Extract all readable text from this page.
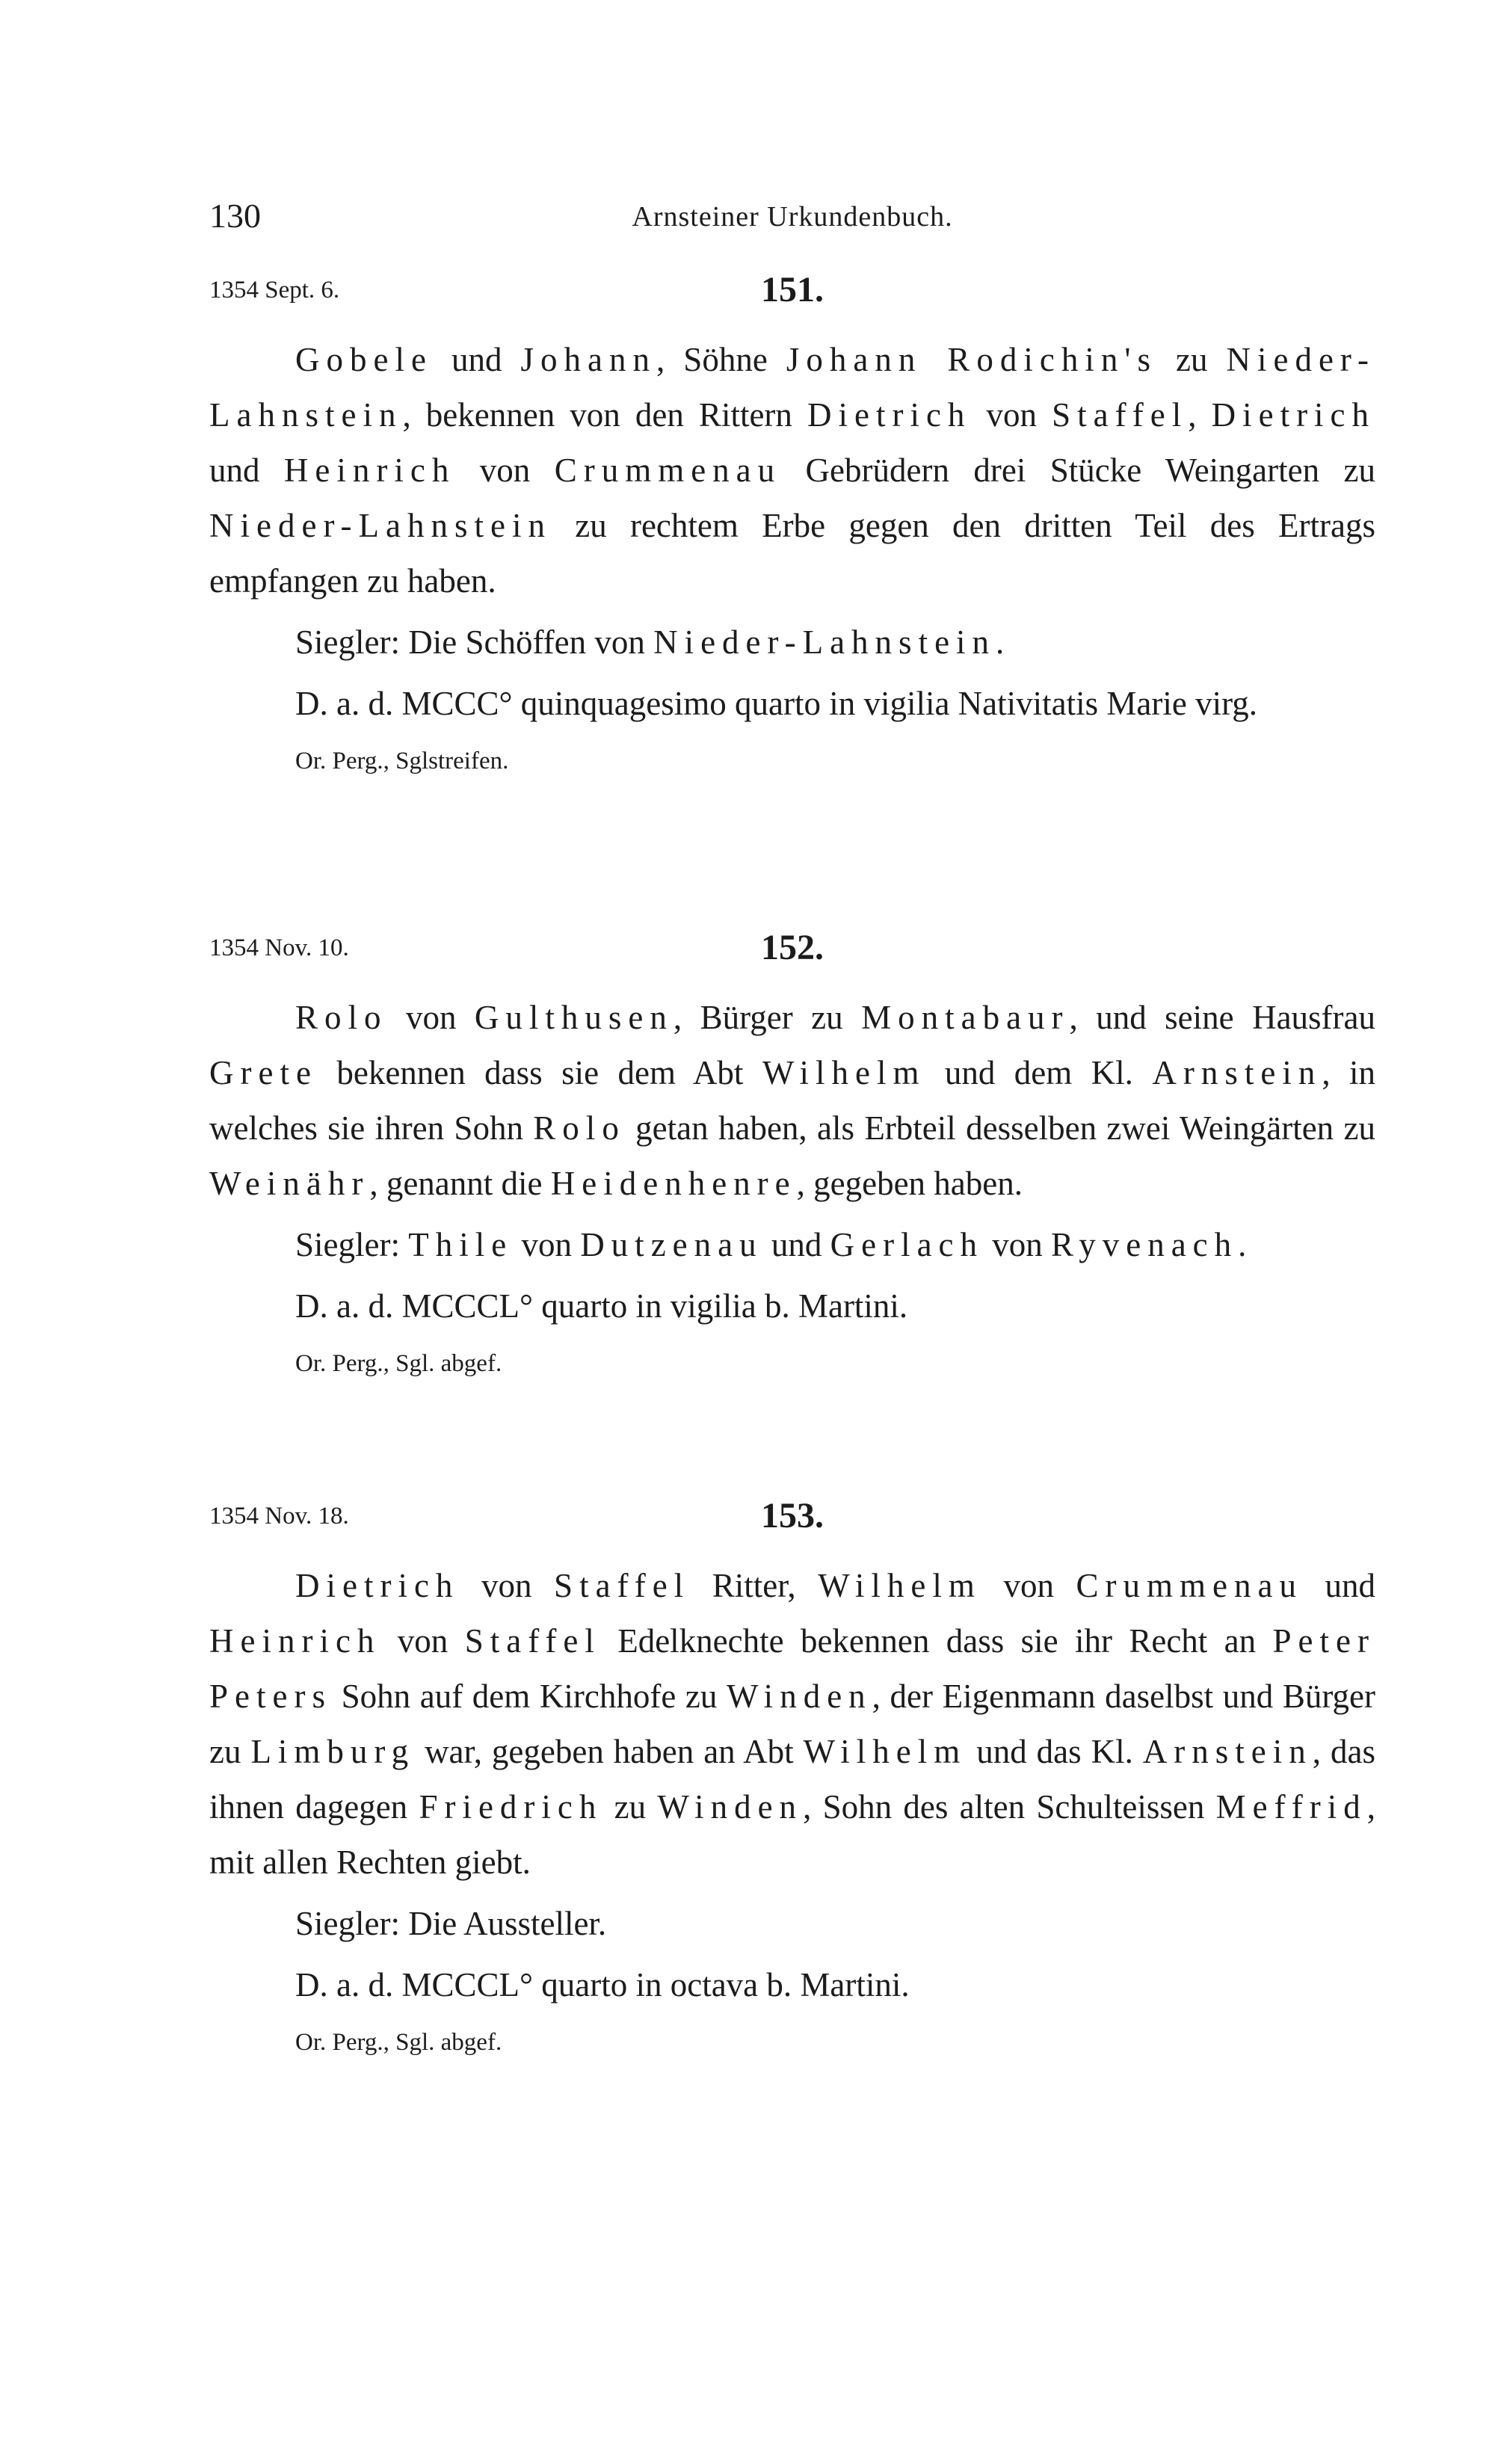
130	Arnsteiner Urkundenbuch.
1354 Sept. 6.	151.

Gobele und Johann, Söhne Johann Rodichin's zu Nieder-Lahnstein, bekennen von den Rittern Dietrich von Staffel, Dietrich und Heinrich von Crummenau Gebrüdern drei Stücke Weingarten zu Nieder-Lahnstein zu rechtem Erbe gegen den dritten Teil des Ertrags empfangen zu haben.

Siegler: Die Schöffen von Nieder-Lahnstein.

D. a. d. MCCC° quinquagesimo quarto in vigilia Nativitatis Marie virg.

Or. Perg., Sglstreifen.

1354 Nov. 10.	152.

Rolo von Gulthusen, Bürger zu Montabaur, und seine Hausfrau Grete bekennen dass sie dem Abt Wilhelm und dem Kl. Arnstein, in welches sie ihren Sohn Rolo getan haben, als Erbteil desselben zwei Weingärten zu Weinähr, genannt die Heidenhenre, gegeben haben.

Siegler: Thile von Dutzenau und Gerlach von Ryvenach.

D. a. d. MCCCL° quarto in vigilia b. Martini.

Or. Perg., Sgl. abgef.

1354 Nov. 18.	153.

Dietrich von Staffel Ritter, Wilhelm von Crummenau und Heinrich von Staffel Edelknechte bekennen dass sie ihr Recht an Peter Peters Sohn auf dem Kirchhofe zu Winden, der Eigenmann daselbst und Bürger zu Limburg war, gegeben haben an Abt Wilhelm und das Kl. Arnstein, das ihnen dagegen Friedrich zu Winden, Sohn des alten Schulteissen Meffrid, mit allen Rechten giebt.

Siegler: Die Aussteller.

D. a. d. MCCCL° quarto in octava b. Martini.

Or. Perg., Sgl. abgef.
